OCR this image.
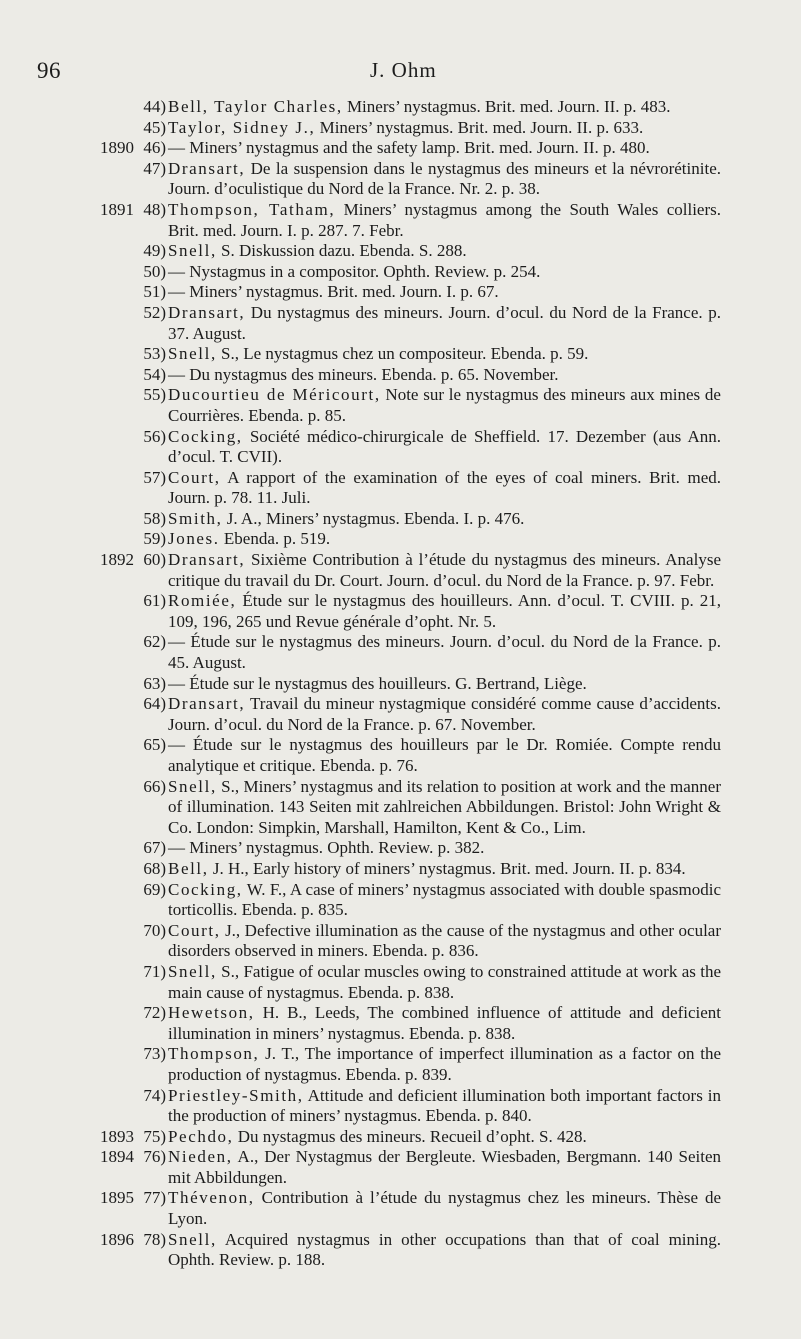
96	J. Ohm
44) Bell, Taylor Charles, Miners’ nystagmus. Brit. med. Journ. II. p. 483.
45) Taylor, Sidney J., Miners’ nystagmus. Brit. med. Journ. II. p. 633.
1890 46) — Miners’ nystagmus and the safety lamp. Brit. med. Journ. II. p. 480.
47) Dransart, De la suspension dans le nystagmus des mineurs et la névrorétinite. Journ. d’oculistique du Nord de la France. Nr. 2. p. 38.
1891 48) Thompson, Tatham, Miners’ nystagmus among the South Wales colliers. Brit. med. Journ. I. p. 287. 7. Febr.
49) Snell, S. Diskussion dazu. Ebenda. S. 288.
50) — Nystagmus in a compositor. Ophth. Review. p. 254.
51) — Miners’ nystagmus. Brit. med. Journ. I. p. 67.
52) Dransart, Du nystagmus des mineurs. Journ. d’ocul. du Nord de la France. p. 37. August.
53) Snell, S., Le nystagmus chez un compositeur. Ebenda. p. 59.
54) — Du nystagmus des mineurs. Ebenda. p. 65. November.
55) Ducourtieu de Méricourt, Note sur le nystagmus des mineurs aux mines de Courrières. Ebenda. p. 85.
56) Cocking, Société médico-chirurgicale de Sheffield. 17. Dezember (aus Ann. d’ocul. T. CVII).
57) Court, A rapport of the examination of the eyes of coal miners. Brit. med. Journ. p. 78. 11. Juli.
58) Smith, J. A., Miners’ nystagmus. Ebenda. I. p. 476.
59) Jones. Ebenda. p. 519.
1892 60) Dransart, Sixième Contribution à l’étude du nystagmus des mineurs. Analyse critique du travail du Dr. Court. Journ. d’ocul. du Nord de la France. p. 97. Febr.
61) Romiée, Étude sur le nystagmus des houilleurs. Ann. d’ocul. T. CVIII. p. 21, 109, 196, 265 und Revue générale d’opht. Nr. 5.
62) — Étude sur le nystagmus des mineurs. Journ. d’ocul. du Nord de la France. p. 45. August.
63) — Étude sur le nystagmus des houilleurs. G. Bertrand, Liège.
64) Dransart, Travail du mineur nystagmique considéré comme cause d’accidents. Journ. d’ocul. du Nord de la France. p. 67. November.
65) — Étude sur le nystagmus des houilleurs par le Dr. Romiée. Compte rendu analytique et critique. Ebenda. p. 76.
66) Snell, S., Miners’ nystagmus and its relation to position at work and the manner of illumination. 143 Seiten mit zahlreichen Abbildungen. Bristol: John Wright & Co. London: Simpkin, Marshall, Hamilton, Kent & Co., Lim.
67) — Miners’ nystagmus. Ophth. Review. p. 382.
68) Bell, J. H., Early history of miners’ nystagmus. Brit. med. Journ. II. p. 834.
69) Cocking, W. F., A case of miners’ nystagmus associated with double spasmodic torticollis. Ebenda. p. 835.
70) Court, J., Defective illumination as the cause of the nystagmus and other ocular disorders observed in miners. Ebenda. p. 836.
71) Snell, S., Fatigue of ocular muscles owing to constrained attitude at work as the main cause of nystagmus. Ebenda. p. 838.
72) Hewetson, H. B., Leeds, The combined influence of attitude and deficient illumination in miners’ nystagmus. Ebenda. p. 838.
73) Thompson, J. T., The importance of imperfect illumination as a factor on the production of nystagmus. Ebenda. p. 839.
74) Priestley-Smith, Attitude and deficient illumination both important factors in the production of miners’ nystagmus. Ebenda. p. 840.
1893 75) Pechdo, Du nystagmus des mineurs. Recueil d’opht. S. 428.
1894 76) Nieden, A., Der Nystagmus der Bergleute. Wiesbaden, Bergmann. 140 Seiten mit Abbildungen.
1895 77) Thévenon, Contribution à l’étude du nystagmus chez les mineurs. Thèse de Lyon.
1896 78) Snell, Acquired nystagmus in other occupations than that of coal mining. Ophth. Review. p. 188.
